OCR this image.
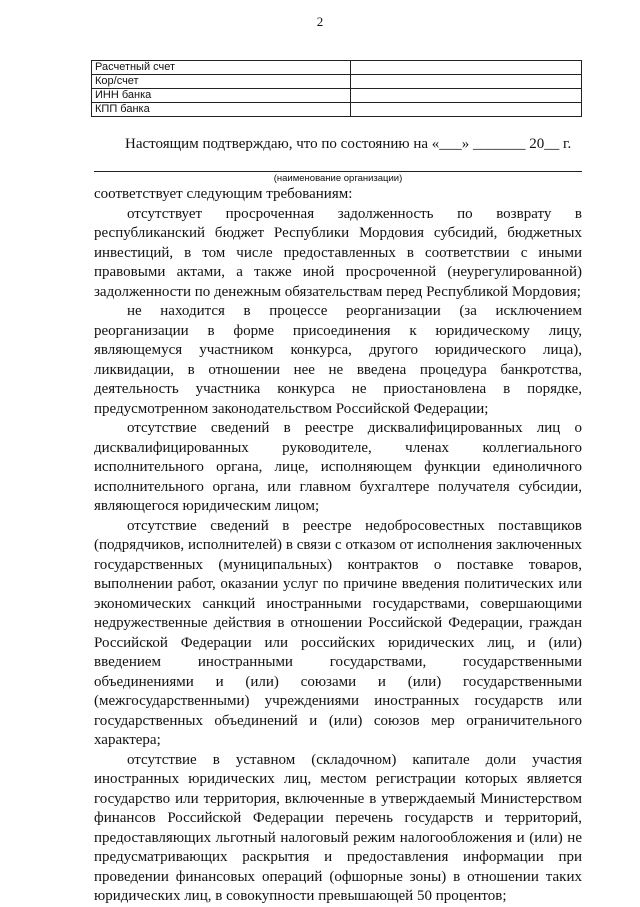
2
Расчетный счет	
Кор/счет	
ИНН банка	
КПП банка	
Настоящим подтверждаю, что по состоянию на «___» _______ 20__ г.
(наименование организации)

соответствует следующим требованиям:

отсутствует просроченная задолженность по возврату в республиканский бюджет Республики Мордовия субсидий, бюджетных инвестиций, в том числе предоставленных в соответствии с иными правовыми актами, а также иной просроченной (неурегулированной) задолженности по денежным обязательствам перед Республикой Мордовия;

не находится в процессе реорганизации (за исключением реорганизации в форме присоединения к юридическому лицу, являющемуся участником конкурса, другого юридического лица), ликвидации, в отношении нее не введена процедура банкротства, деятельность участника конкурса не приостановлена в порядке, предусмотренном законодательством Российской Федерации;

отсутствие сведений в реестре дисквалифицированных лиц о дисквалифицированных руководителе, членах коллегиального исполнительного органа, лице, исполняющем функции единоличного исполнительного органа, или главном бухгалтере получателя субсидии, являющегося юридическим лицом;

отсутствие сведений в реестре недобросовестных поставщиков (подрядчиков, исполнителей) в связи с отказом от исполнения заключенных государственных (муниципальных) контрактов о поставке товаров, выполнении работ, оказании услуг по причине введения политических или экономических санкций иностранными государствами, совершающими недружественные действия в отношении Российской Федерации, граждан Российской Федерации или российских юридических лиц, и (или) введением иностранными государствами, государственными объединениями и (или) союзами и (или) государственными (межгосударственными) учреждениями иностранных государств или государственных объединений и (или) союзов мер ограничительного характера;

отсутствие в уставном (складочном) капитале доли участия иностранных юридических лиц, местом регистрации которых является государство или территория, включенные в утверждаемый Министерством финансов Российской Федерации перечень государств и территорий, предоставляющих льготный налоговый режим налогообложения и (или) не предусматривающих раскрытия и предоставления информации при проведении финансовых операций (офшорные зоны) в отношении таких юридических лиц, в совокупности превышающей 50 процентов;
